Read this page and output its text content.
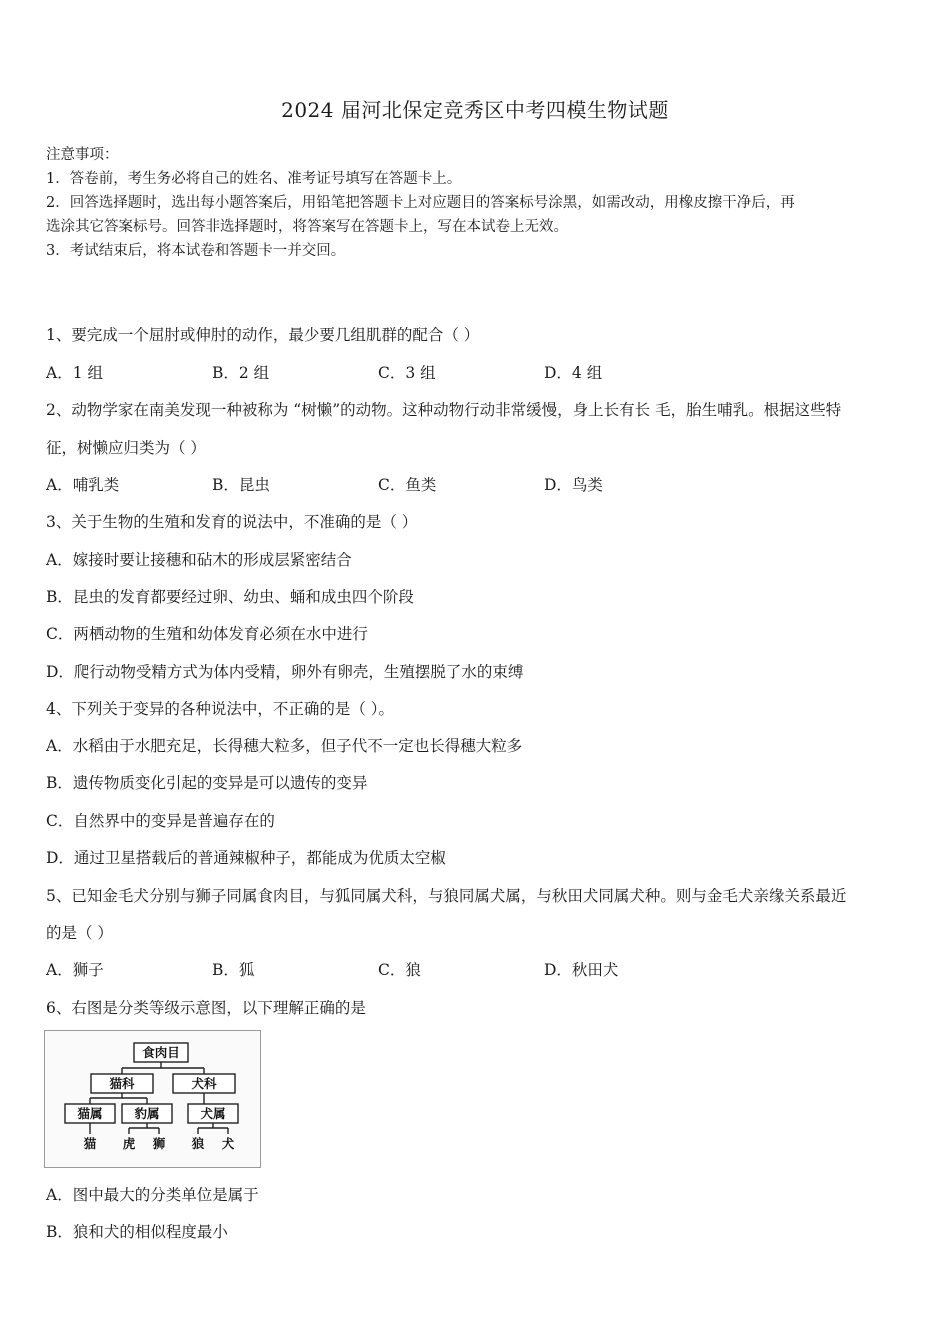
2024 届河北保定竞秀区中考四模生物试题
注意事项：
1．答卷前，考生务必将自己的姓名、准考证号填写在答题卡上。
2．回答选择题时，选出每小题答案后，用铅笔把答题卡上对应题目的答案标号涂黑，如需改动，用橡皮擦干净后，再
选涂其它答案标号。回答非选择题时，将答案写在答题卡上，写在本试卷上无效。
3．考试结束后，将本试卷和答题卡一并交回。
1、要完成一个屈肘或伸肘的动作，最少要几组肌群的配合（ ）
A．1 组	B．2 组	C．3 组	D．4 组
2、动物学家在南美发现一种被称为 “树懒”的动物。这种动物行动非常缓慢，身上长有长 毛，胎生哺乳。根据这些特
征，树懒应归类为（ ）
A．哺乳类	B．昆虫	C．鱼类	D．鸟类
3、关于生物的生殖和发育的说法中，不准确的是（ ）
A．嫁接时要让接穗和砧木的形成层紧密结合
B．昆虫的发育都要经过卵、幼虫、蛹和成虫四个阶段
C．两栖动物的生殖和幼体发育必须在水中进行
D．爬行动物受精方式为体内受精，卵外有卵壳，生殖摆脱了水的束缚
4、下列关于变异的各种说法中，不正确的是（ ）。
A．水稻由于水肥充足，长得穗大粒多，但子代不一定也长得穗大粒多
B．遗传物质变化引起的变异是可以遗传的变异
C．自然界中的变异是普遍存在的
D．通过卫星搭载后的普通辣椒种子，都能成为优质太空椒
5、已知金毛犬分别与狮子同属食肉目，与狐同属犬科，与狼同属犬属，与秋田犬同属犬种。则与金毛犬亲缘关系最近
的是（ ）
A．狮子	B．狐	C．狼	D．秋田犬
6、右图是分类等级示意图，以下理解正确的是
食肉目
猫科	犬科
猫属	豹属	犬属
猫 虎 狮 狼 犬
A．图中最大的分类单位是属于
B．狼和犬的相似程度最小
